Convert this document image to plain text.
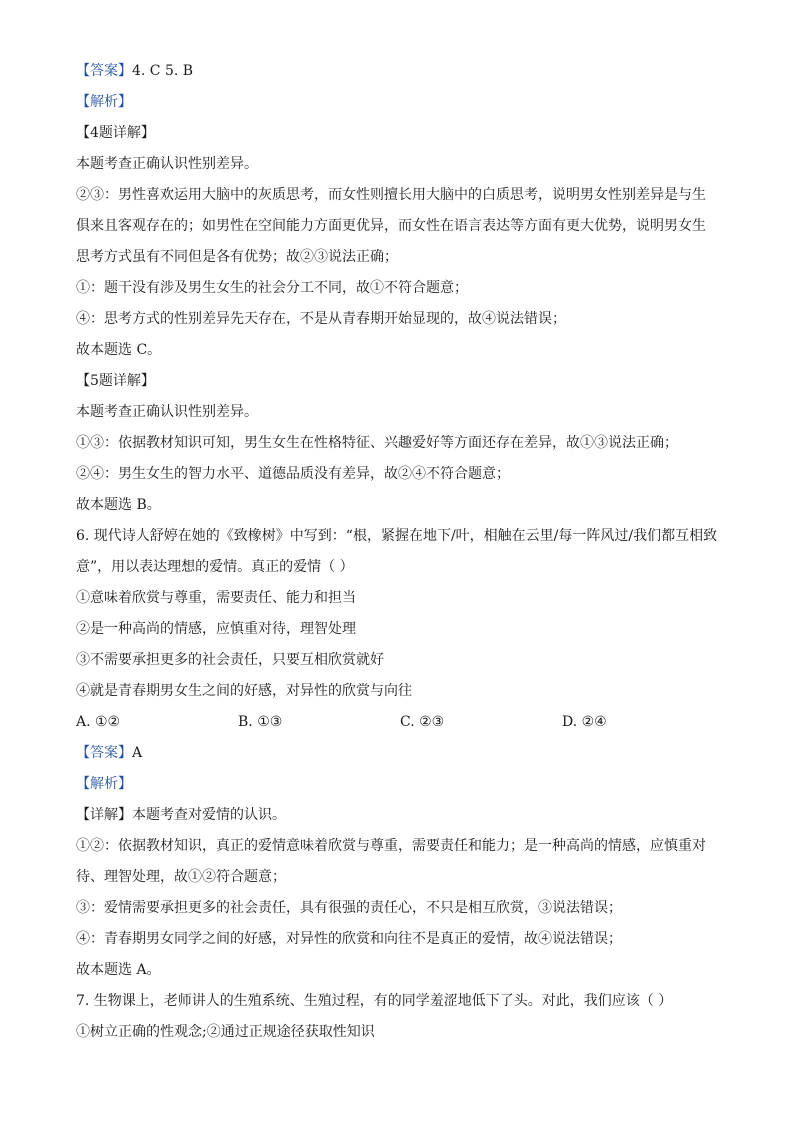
【答案】4. C 5. B
【解析】
【4题详解】
本题考查正确认识性别差异。
②③：男性喜欢运用大脑中的灰质思考，而女性则擅长用大脑中的白质思考，说明男女性别差异是与生
俱来且客观存在的；如男性在空间能力方面更优异，而女性在语言表达等方面有更大优势，说明男女生
思考方式虽有不同但是各有优势；故②③说法正确；
①：题干没有涉及男生女生的社会分工不同，故①不符合题意；
④：思考方式的性别差异先天存在，不是从青春期开始显现的，故④说法错误；
故本题选 C。
【5题详解】
本题考查正确认识性别差异。
①③：依据教材知识可知，男生女生在性格特征、兴趣爱好等方面还存在差异，故①③说法正确；
②④：男生女生的智力水平、道德品质没有差异，故②④不符合题意；
故本题选 B。
6. 现代诗人舒婷在她的《致橡树》中写到：“根，紧握在地下/叶，相触在云里/每一阵风过/我们都互相致
意”，用以表达理想的爱情。真正的爱情（ ）
①意味着欣赏与尊重，需要责任、能力和担当
②是一种高尚的情感，应慎重对待，理智处理
③不需要承担更多的社会责任，只要互相欣赏就好
④就是青春期男女生之间的好感，对异性的欣赏与向往
A. ①②	B. ①③	C. ②③	D. ②④
【答案】A
【解析】
【详解】本题考查对爱情的认识。
①②：依据教材知识，真正的爱情意味着欣赏与尊重，需要责任和能力；是一种高尚的情感，应慎重对
待、理智处理，故①②符合题意；
③：爱情需要承担更多的社会责任，具有很强的责任心，不只是相互欣赏，③说法错误；
④：青春期男女同学之间的好感，对异性的欣赏和向往不是真正的爱情，故④说法错误；
故本题选 A。
7. 生物课上，老师讲人的生殖系统、生殖过程，有的同学羞涩地低下了头。对此，我们应该（ ）
①树立正确的性观念;②通过正规途径获取性知识
